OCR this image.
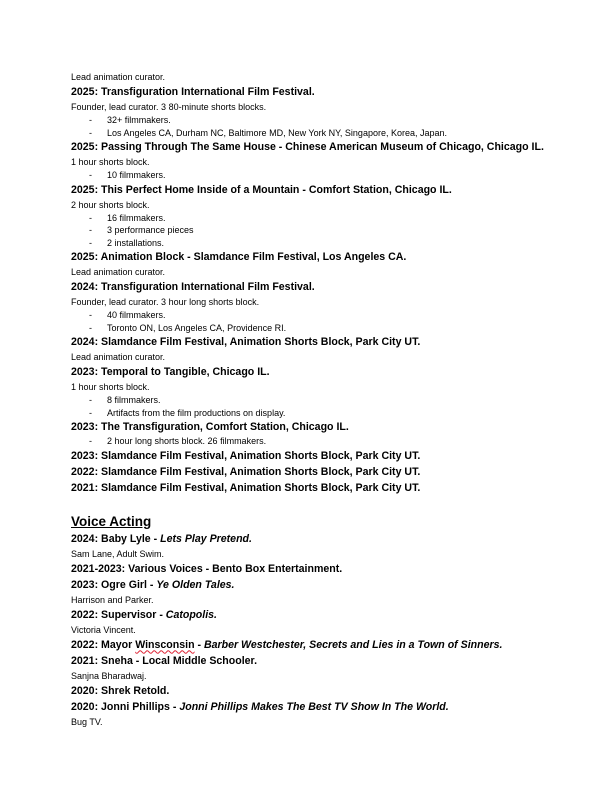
Lead animation curator.
2025: Transfiguration International Film Festival.
Founder, lead curator. 3 80-minute shorts blocks.
- 32+ filmmakers.
- Los Angeles CA, Durham NC, Baltimore MD, New York NY, Singapore, Korea, Japan.
2025: Passing Through The Same House - Chinese American Museum of Chicago, Chicago IL.
1 hour shorts block.
- 10 filmmakers.
2025: This Perfect Home Inside of a Mountain - Comfort Station, Chicago IL.
2 hour shorts block.
- 16 filmmakers.
- 3 performance pieces
- 2 installations.
2025: Animation Block - Slamdance Film Festival, Los Angeles CA.
Lead animation curator.
2024: Transfiguration International Film Festival.
Founder, lead curator. 3 hour long shorts block.
- 40 filmmakers.
- Toronto ON, Los Angeles CA, Providence RI.
2024: Slamdance Film Festival, Animation Shorts Block, Park City UT.
Lead animation curator.
2023: Temporal to Tangible, Chicago IL.
1 hour shorts block.
- 8 filmmakers.
- Artifacts from the film productions on display.
2023: The Transfiguration, Comfort Station, Chicago IL.
- 2 hour long shorts block. 26 filmmakers.
2023: Slamdance Film Festival, Animation Shorts Block, Park City UT.
2022: Slamdance Film Festival, Animation Shorts Block, Park City UT.
2021: Slamdance Film Festival, Animation Shorts Block, Park City UT.
Voice Acting
2024: Baby Lyle - Lets Play Pretend.
Sam Lane, Adult Swim.
2021-2023: Various Voices - Bento Box Entertainment.
2023: Ogre Girl - Ye Olden Tales.
Harrison and Parker.
2022: Supervisor - Catopolis.
Victoria Vincent.
2022: Mayor Winsconsin - Barber Westchester, Secrets and Lies in a Town of Sinners.
2021: Sneha - Local Middle Schooler.
Sanjna Bharadwaj.
2020: Shrek Retold.
2020: Jonni Phillips - Jonni Phillips Makes The Best TV Show In The World.
Bug TV.
